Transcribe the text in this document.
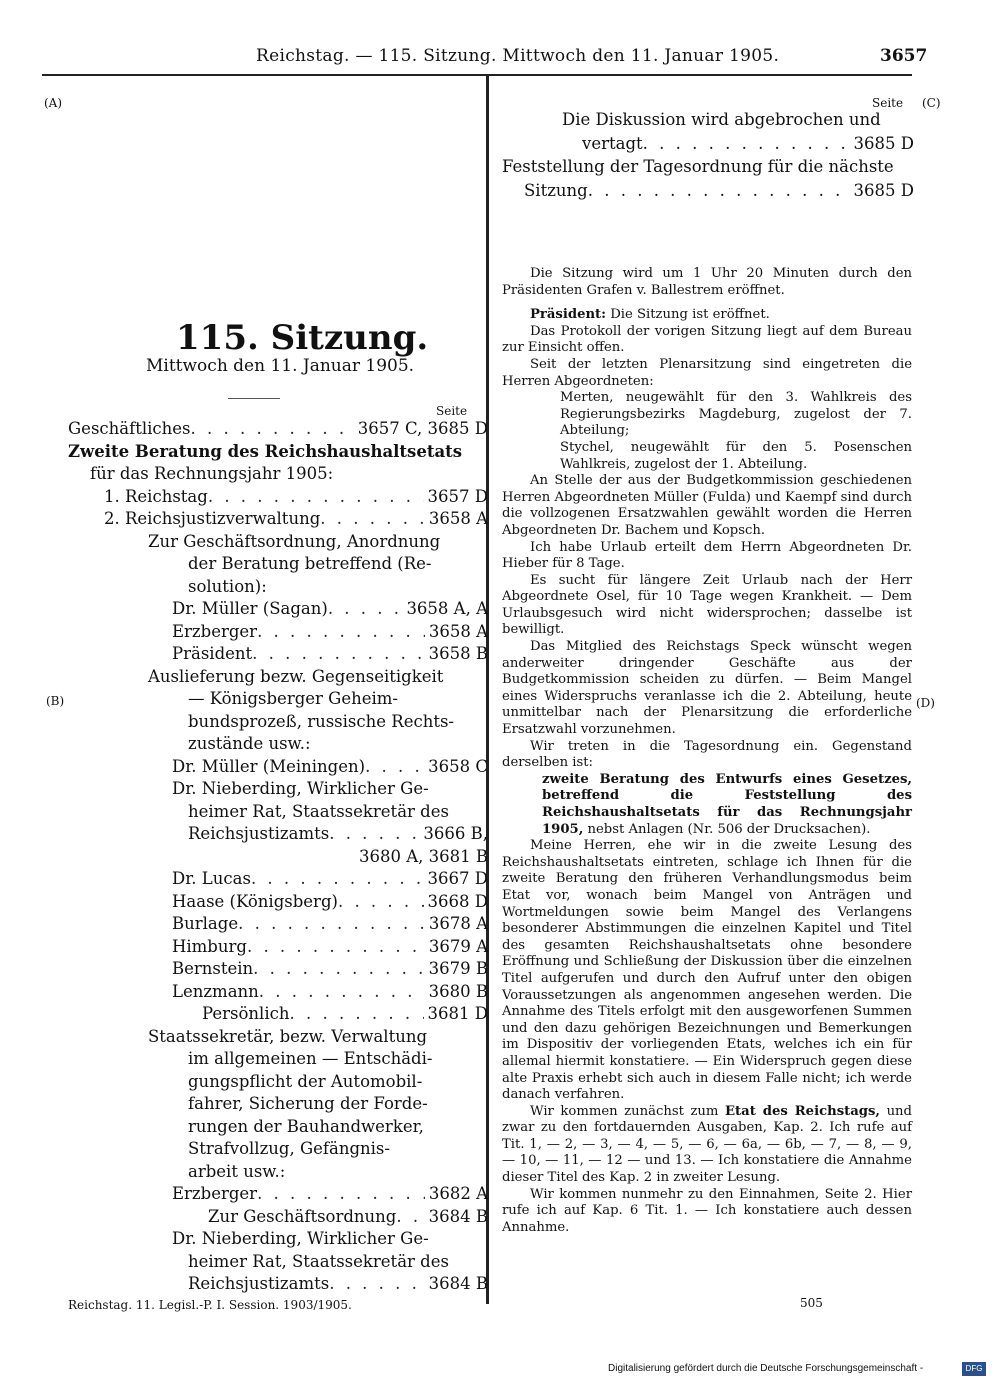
Reichstag. — 115. Sitzung. Mittwoch den 11. Januar 1905.	3657
(A)
(B)
(C)
(D)
115. Sitzung.
Mittwoch den 11. Januar 1905.
Seite
Geschäftliches . . .	3657 C, 3685 D
Zweite Beratung des Reichshaushaltsetats
für das Rechnungsjahr 1905:
1. Reichstag . . .	3657 D
2. Reichsjustizverwaltung . . .	3658 A
Zur Geschäftsordnung, Anordnung
der Beratung betreffend (Re-
solution):
Dr. Müller (Sagan) . . .	3658 A, A
Erzberger . . .	3658 A
Präsident . . .	3658 B
Auslieferung bezw. Gegenseitigkeit
— Königsberger Geheim-
bundsprozeß, russische Rechts-
zustände usw.:
Dr. Müller (Meiningen) . . .	3658 C
Dr. Nieberding, Wirklicher Ge-
heimer Rat, Staatssekretär des
Reichsjustizamts . . .	3666 B,
3680 A, 3681 B
Dr. Lucas . . .	3667 D
Haase (Königsberg) . . .	3668 D
Burlage . . .	3678 A
Himburg . . .	3679 A
Bernstein . . .	3679 B
Lenzmann . . .	3680 B
Persönlich . . .	3681 D
Staatssekretär, bezw. Verwaltung
im allgemeinen — Entschädi-
gungspflicht der Automobil-
fahrer, Sicherung der Forde-
rungen der Bauhandwerker,
Strafvollzug, Gefängnis-
arbeit usw.:
Erzberger . . .	3682 A
Zur Geschäftsordnung . . . 3684 B
Dr. Nieberding, Wirklicher Ge-
heimer Rat, Staatssekretär des
Reichsjustizamts . . .	3684 B
Seite
Die Diskussion wird abgebrochen und
vertagt . . .	3685 D
Feststellung der Tagesordnung für die nächste
Sitzung . . .	3685 D

Die Sitzung wird um 1 Uhr 20 Minuten durch den Präsidenten Grafen v. Ballestrem eröffnet.

Präsident: Die Sitzung ist eröffnet.

Das Protokoll der vorigen Sitzung liegt auf dem Bureau zur Einsicht offen.

Seit der letzten Plenarsitzung sind eingetreten die Herren Abgeordneten:

Merten, neugewählt für den 3. Wahlkreis des Regierungsbezirks Magdeburg, zugelost der 7. Abteilung;

Stychel, neugewählt für den 5. Posenschen Wahlkreis, zugelost der 1. Abteilung.

An Stelle der aus der Budgetkommission geschiedenen Herren Abgeordneten Müller (Fulda) und Kaempf sind durch die vollzogenen Ersatzwahlen gewählt worden die Herren Abgeordneten Dr. Bachem und Kopsch.

Ich habe Urlaub erteilt dem Herrn Abgeordneten Dr. Hieber für 8 Tage.

Es sucht für längere Zeit Urlaub nach der Herr Abgeordnete Osel, für 10 Tage wegen Krankheit. — Dem Urlaubsgesuch wird nicht widersprochen; dasselbe ist bewilligt.

Das Mitglied des Reichstags Speck wünscht wegen anderweiter dringender Geschäfte aus der Budgetkommission scheiden zu dürfen. — Beim Mangel eines Widerspruchs veranlasse ich die 2. Abteilung, heute unmittelbar nach der Plenarsitzung die erforderliche Ersatzwahl vorzunehmen.

Wir treten in die Tagesordnung ein. Gegenstand derselben ist:

zweite Beratung des Entwurfs eines Gesetzes, betreffend die Feststellung des Reichshaushaltsetats für das Rechnungsjahr 1905, nebst Anlagen (Nr. 506 der Drucksachen).

Meine Herren, ehe wir in die zweite Lesung des Reichshaushaltsetats eintreten, schlage ich Ihnen für die zweite Beratung den früheren Verhandlungsmodus beim Etat vor, wonach beim Mangel von Anträgen und Wortmeldungen sowie beim Mangel des Verlangens besonderer Abstimmungen die einzelnen Kapitel und Titel des gesamten Reichshaushaltsetats ohne besondere Eröffnung und Schließung der Diskussion über die einzelnen Titel aufgerufen und durch den Aufruf unter den obigen Voraussetzungen als angenommen angesehen werden. Die Annahme des Titels erfolgt mit den ausgeworfenen Summen und den dazu gehörigen Bezeichnungen und Bemerkungen im Dispositiv der vorliegenden Etats, welches ich ein für allemal hiermit konstatiere. — Ein Widerspruch gegen diese alte Praxis erhebt sich auch in diesem Falle nicht; ich werde danach verfahren.

Wir kommen zunächst zum Etat des Reichstags, und zwar zu den fortdauernden Ausgaben, Kap. 2. Ich rufe auf Tit. 1, — 2, — 3, — 4, — 5, — 6, — 6a, — 6b, — 7, — 8, — 9, — 10, — 11, — 12 — und 13. — Ich konstatiere die Annahme dieser Titel des Kap. 2 in zweiter Lesung.

Wir kommen nunmehr zu den Einnahmen, Seite 2. Hier rufe ich auf Kap. 6 Tit. 1. — Ich konstatiere auch dessen Annahme.

Reichstag. 11. Legisl.-P. I. Session. 1903/1905.	505
Digitalisierung gefördert durch die Deutsche Forschungsgemeinschaft -	DFG
